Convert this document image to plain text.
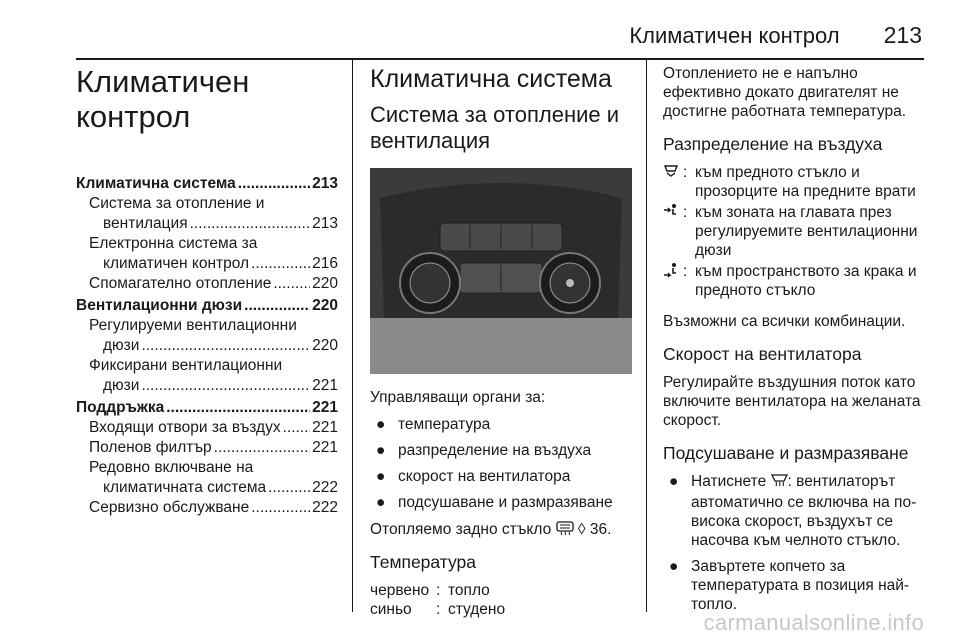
Климатичен контрол 213
Климатичен
контрол
Климатична система .....	213
Система за отопление и
вентилация .....	213
Електронна система за
климатичен контрол .....	216
Спомагателно отопление .....	220
Вентилационни дюзи .....	220
Регулируеми вентилационни
дюзи .....	220
Фиксирани вентилационни
дюзи .....	221
Поддръжка .....	221
Входящи отвори за въздух ..... 221
Поленов филтър .....	221
Редовно включване на
климатичната система .....	222
Сервизно обслужване .....	222
Климатична система
Система за отопление и
вентилация

Управляващи органи за:

● температура
● разпределение на въздуха
● скорост на вентилатора
● подсушаване и размразяване

Отопляемо задно стъкло ◊ 36.

Температура
червено : топло
синьо	: студено

Отоплението не е напълно ефективно докато двигателят не достигне работната температура.

Разпределение на въздуха
: към предното стъкло и прозорците на предните врати
: към зоната на главата през регулируемите вентилационни дюзи
: към пространството за крака и предното стъкло

Възможни са всички комбинации.

Скорост на вентилатора

Регулирайте въздушния поток като включите вентилатора на желаната скорост.

Подсушаване и размразяване
● Натиснете : вентилаторът автоматично се включва на по-висока скорост, въздухът се насочва към челното стъкло.
● Завъртете копчето за температурата в позиция най-топло.
carmanualsonline.info
